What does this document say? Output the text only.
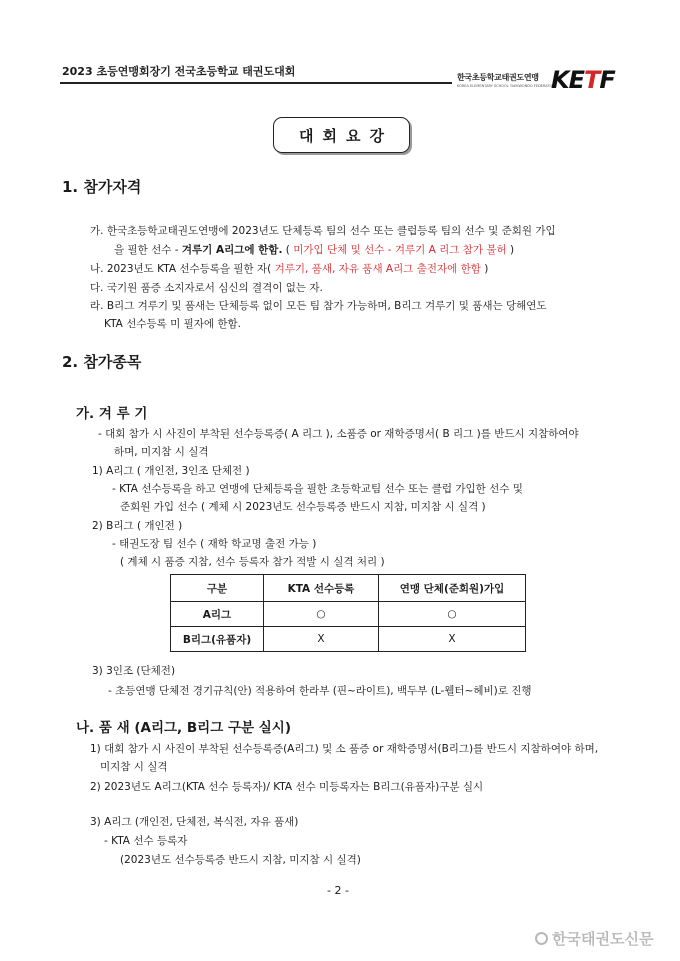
2023 초등연맹회장기 전국초등학교 태권도대회	한국초등학교태권도연맹
KOREA ELEMENTARY SCHOOL TAEKWONDO FEDERATION
KETF
대회요강
1. 참가자격
가. 한국초등학교태권도연맹에 2023년도 단체등록 팀의 선수 또는 클럽등록 팀의 선수 및 준회원 가입
을 필한 선수 - 겨루기 A리그에 한함. ( 미가입 단체 및 선수 - 겨루기 A 리그 참가 불허 )
나. 2023년도 KTA 선수등록을 필한 자( 겨루기, 품새, 자유 품새 A리그 출전자에 한함 )
다. 국기원 품증 소지자로서 심신의 결격이 없는 자.
라. B리그 겨루기 및 품새는 단체등록 없이 모든 팀 참가 가능하며, B리그 겨루기 및 품새는 당해연도
KTA 선수등록 미 필자에 한함.
2. 참가종목
가. 겨 루 기
- 대회 참가 시 사진이 부착된 선수등록증( A 리그 ), 소품증 or 재학증명서( B 리그 )를 반드시 지참하여야
하며, 미지참 시 실격
1) A리그 ( 개인전, 3인조 단체전 )
- KTA 선수등록을 하고 연맹에 단체등록을 필한 초등학교팀 선수 또는 클럽 가입한 선수 및
준회원 가입 선수 ( 계체 시 2023년도 선수등록증 반드시 지참, 미지참 시 실격 )
2) B리그 ( 개인전 )
- 태권도장 팀 선수 ( 재학 학교명 출전 가능 )
( 계체 시 품증 지참, 선수 등록자 참가 적발 시 실격 처리 )
구분	KTA 선수등록	연맹 단체(준회원)가입
A리그	○	○
B리그(유품자)	X	X
3) 3인조 (단체전)
- 초등연맹 단체전 경기규칙(안) 적용하여 한라부 (핀~라이트), 백두부 (L-웰터~헤비)로 진행
나. 품 새 (A리그, B리그 구분 실시)
1) 대회 참가 시 사진이 부착된 선수등록증(A리그) 및 소 품증 or 재학증명서(B리그)를 반드시 지참하여야 하며,
미지참 시 실격
2) 2023년도 A리그(KTA 선수 등록자)/ KTA 선수 미등록자는 B리그(유품자)구분 실시
3) A리그 (개인전, 단체전, 복식전, 자유 품새)
- KTA 선수 등록자
(2023년도 선수등록증 반드시 지참, 미지참 시 실격)
- 2 -
한국태권도신문
